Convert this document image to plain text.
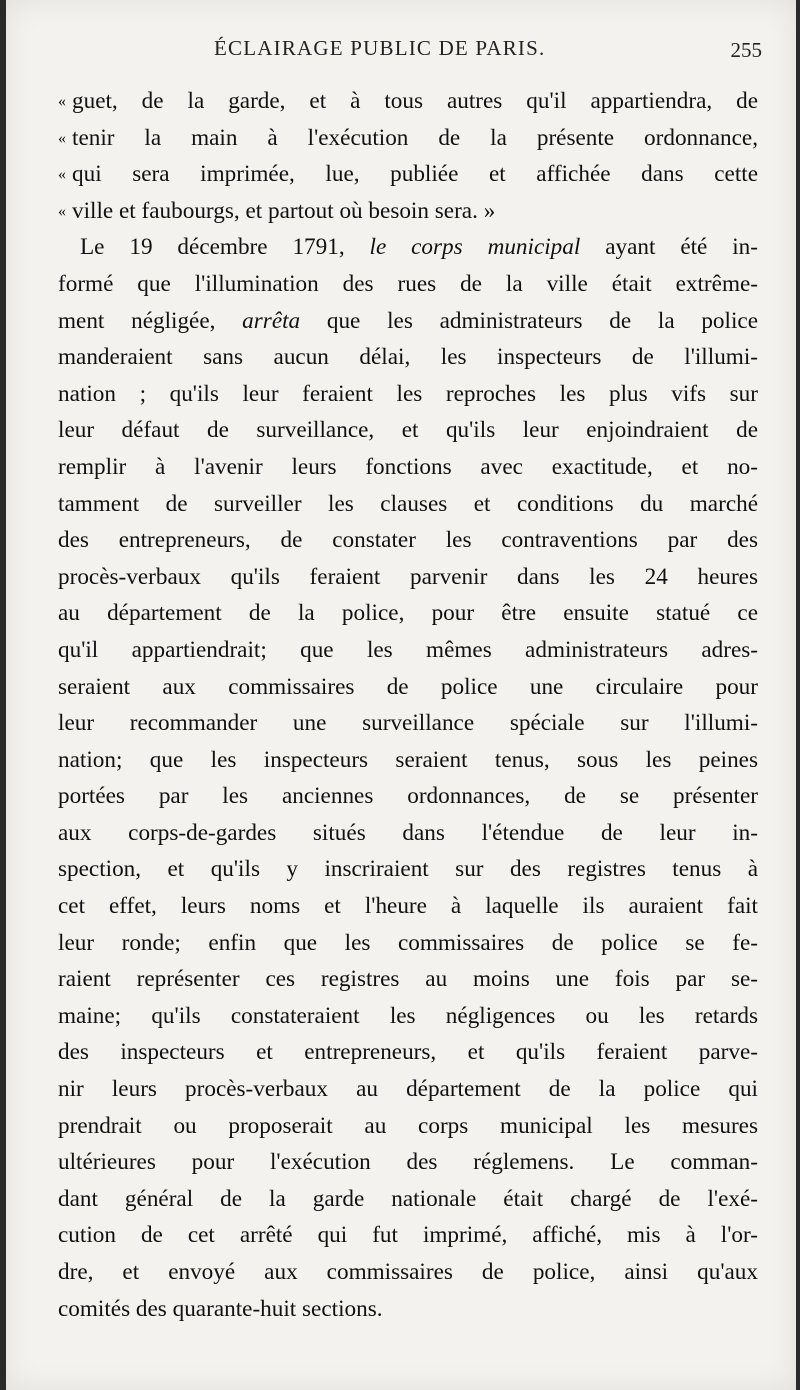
ÉCLAIRAGE PUBLIC DE PARIS.	255
« guet, de la garde, et à tous autres qu'il appartiendra, de
« tenir la main à l'exécution de la présente ordonnance,
« qui sera imprimée, lue, publiée et affichée dans cette
« ville et faubourgs, et partout où besoin sera. »
Le 19 décembre 1791, le corps municipal ayant été in-
formé que l'illumination des rues de la ville était extrême-
ment négligée, arrêta que les administrateurs de la police
manderaient sans aucun délai, les inspecteurs de l'illumi-
nation ; qu'ils leur feraient les reproches les plus vifs sur
leur défaut de surveillance, et qu'ils leur enjoindraient de
remplir à l'avenir leurs fonctions avec exactitude, et no-
tamment de surveiller les clauses et conditions du marché
des entrepreneurs, de constater les contraventions par des
procès-verbaux qu'ils feraient parvenir dans les 24 heures
au département de la police, pour être ensuite statué ce
qu'il appartiendrait; que les mêmes administrateurs adres-
seraient aux commissaires de police une circulaire pour
leur recommander une surveillance spéciale sur l'illumi-
nation; que les inspecteurs seraient tenus, sous les peines
portées par les anciennes ordonnances, de se présenter
aux corps-de-gardes situés dans l'étendue de leur in-
spection, et qu'ils y inscriraient sur des registres tenus à
cet effet, leurs noms et l'heure à laquelle ils auraient fait
leur ronde; enfin que les commissaires de police se fe-
raient représenter ces registres au moins une fois par se-
maine; qu'ils constateraient les négligences ou les retards
des inspecteurs et entrepreneurs, et qu'ils feraient parve-
nir leurs procès-verbaux au département de la police qui
prendrait ou proposerait au corps municipal les mesures
ultérieures pour l'exécution des réglemens. Le comman-
dant général de la garde nationale était chargé de l'exé-
cution de cet arrêté qui fut imprimé, affiché, mis à l'or-
dre, et envoyé aux commissaires de police, ainsi qu'aux
comités des quarante-huit sections.
